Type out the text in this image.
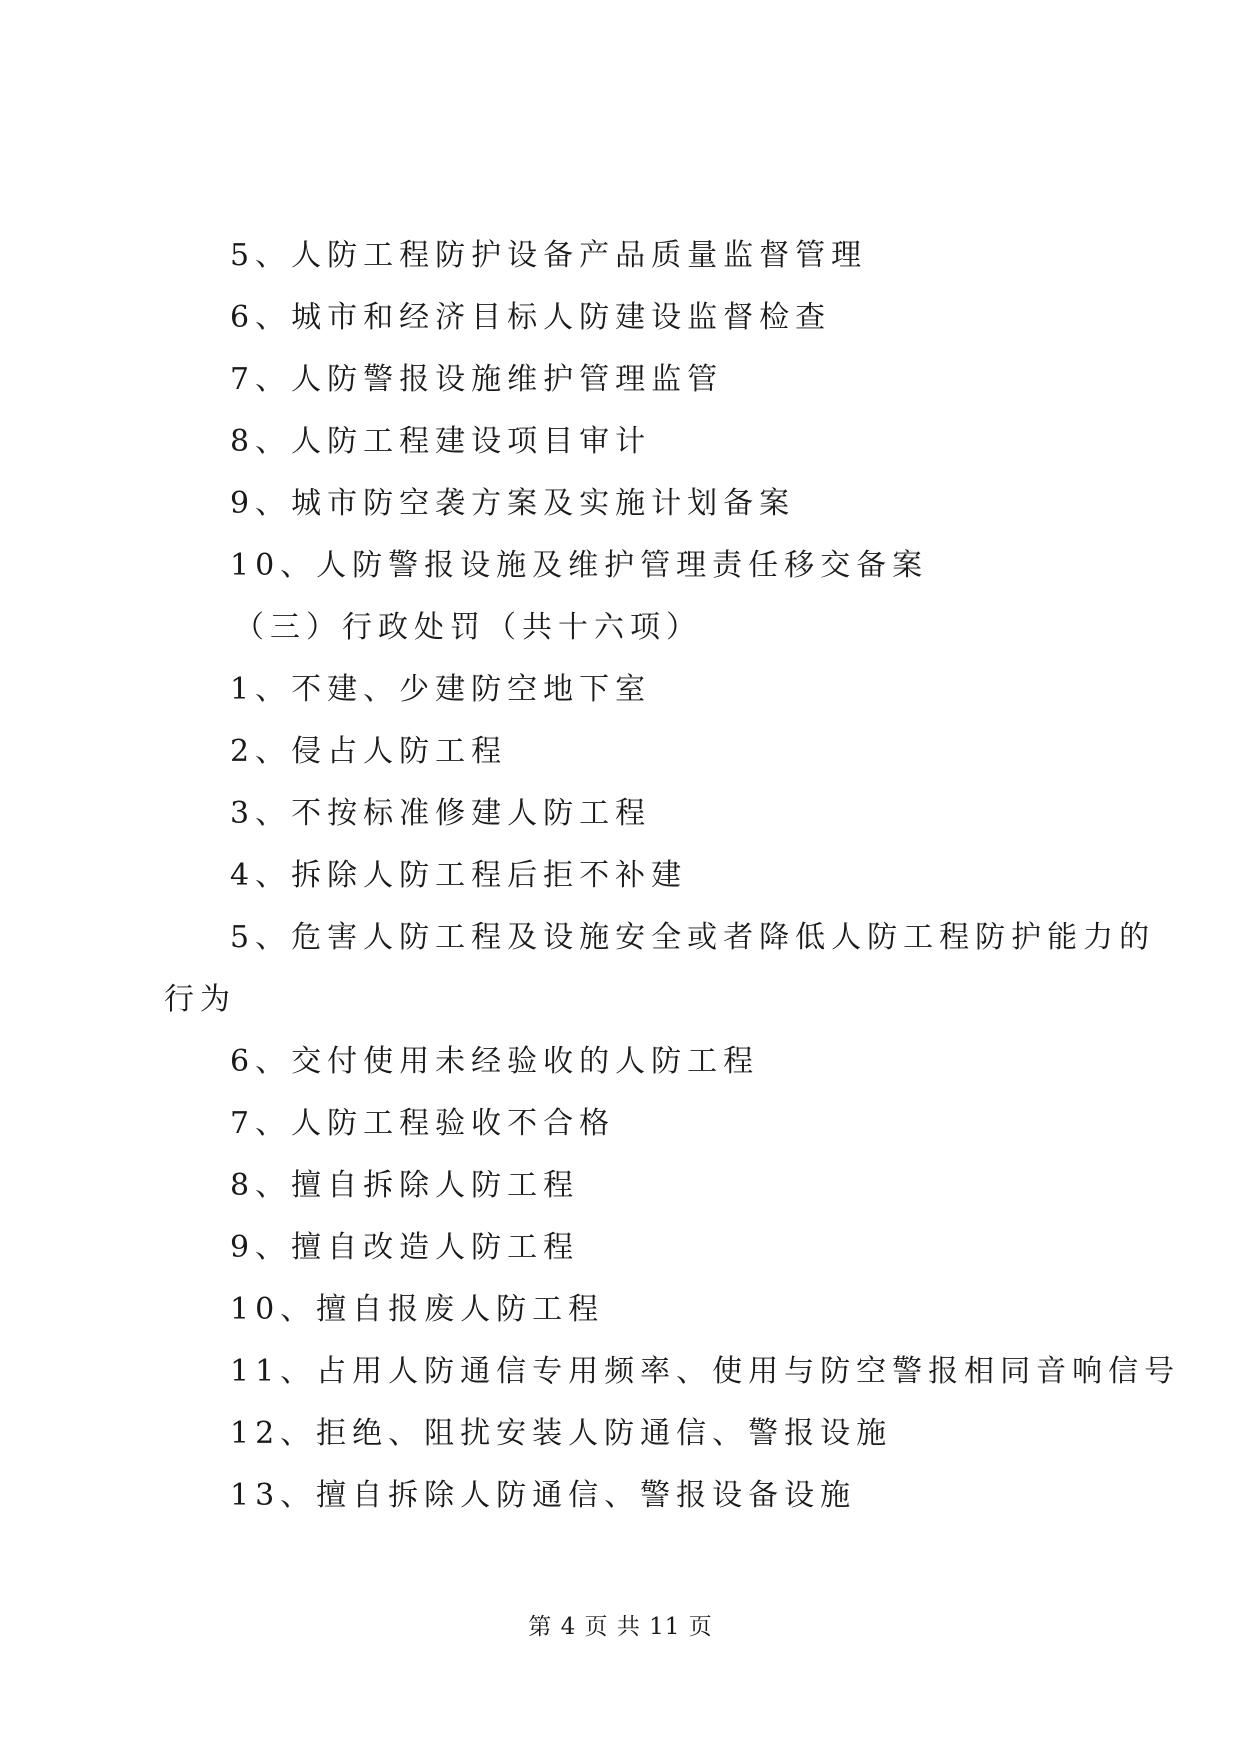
5、人防工程防护设备产品质量监督管理
6、城市和经济目标人防建设监督检查
7、人防警报设施维护管理监管
8、人防工程建设项目审计
9、城市防空袭方案及实施计划备案
10、人防警报设施及维护管理责任移交备案
（三）行政处罚（共十六项）
1、不建、少建防空地下室
2、侵占人防工程
3、不按标准修建人防工程
4、拆除人防工程后拒不补建
5、危害人防工程及设施安全或者降低人防工程防护能力的
行为
6、交付使用未经验收的人防工程
7、人防工程验收不合格
8、擅自拆除人防工程
9、擅自改造人防工程
10、擅自报废人防工程
11、占用人防通信专用频率、使用与防空警报相同音响信号
12、拒绝、阻扰安装人防通信、警报设施
13、擅自拆除人防通信、警报设备设施
第 4 页 共 11 页
